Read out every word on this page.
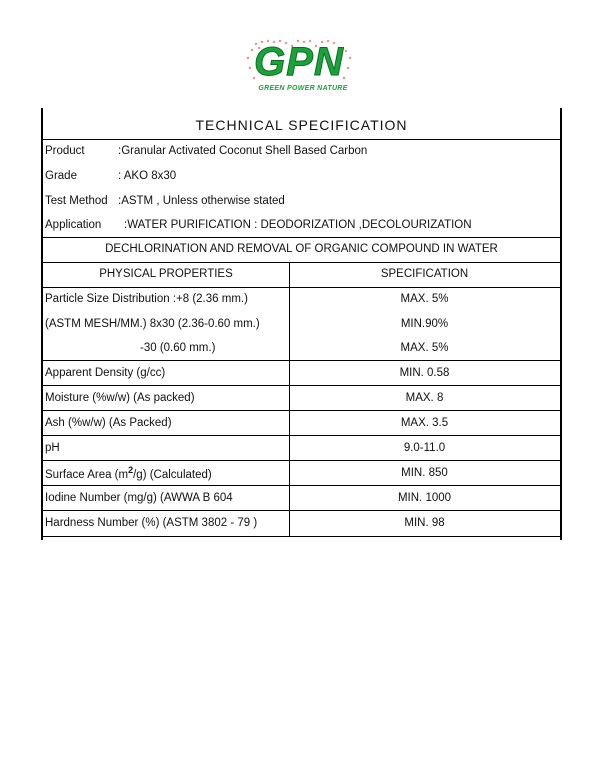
GPN
GREEN POWER NATURE
TECHNICAL SPECIFICATION
Product	:Granular Activated Coconut Shell Based Carbon
Grade	: AKO 8x30
Test Method :ASTM , Unless otherwise stated
Application :WATER PURIFICATION : DEODORIZATION ,DECOLOURIZATION
DECHLORINATION AND REMOVAL OF ORGANIC COMPOUND IN WATER
PHYSICAL PROPERTIES	SPECIFICATION
Particle Size Distribution :+8 (2.36 mm.)	MAX. 5%
(ASTM MESH/MM.) 8x30 (2.36-0.60 mm.)	MIN.90%
-30 (0.60 mm.)	MAX. 5%
Apparent Density (g/cc)	MIN. 0.58
Moisture (%w/w) (As packed)	MAX. 8
Ash (%w/w) (As Packed)	MAX. 3.5
pH	9.0-11.0
Surface Area $(m^2/g)$ (Calculated)	MIN. 850
Iodine Number (mg/g) (AWWA B 604	MIN. 1000
Hardness Number (%) (ASTM 3802 - 79 )	MIN. 98
